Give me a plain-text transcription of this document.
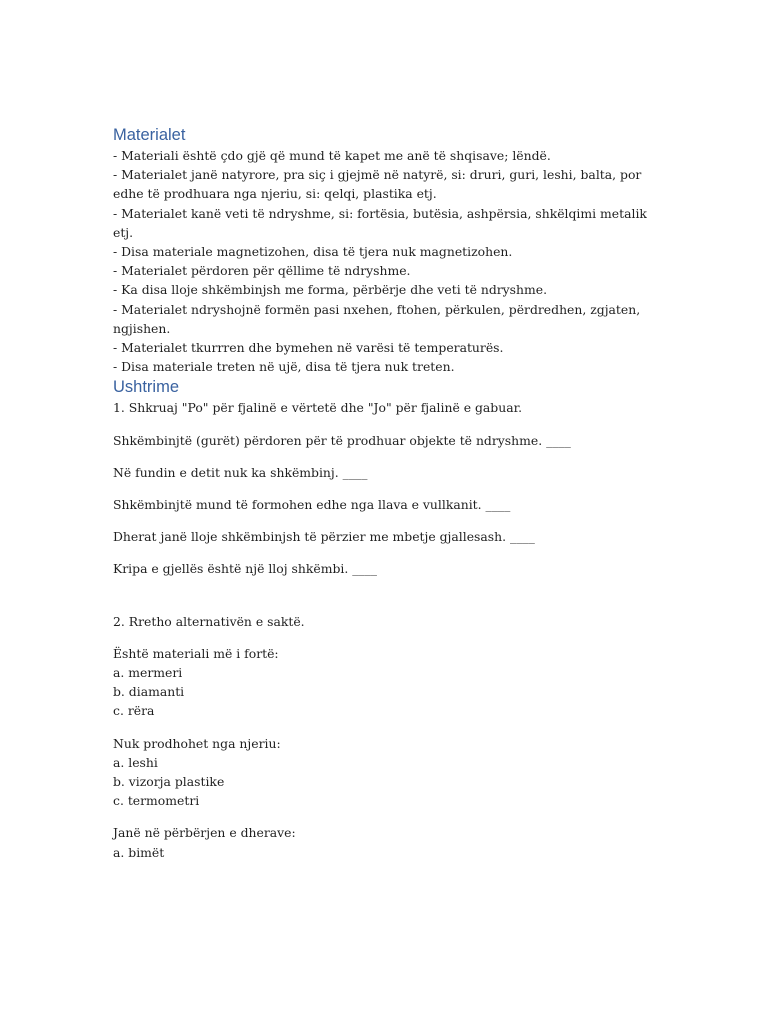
Materialet

- Materiali është çdo gjë që mund të kapet me anë të shqisave; lëndë.

- Materialet janë natyrore, pra siç i gjejmë në natyrë, si: druri, guri, leshi, balta, por edhe të prodhuara nga njeriu, si: qelqi, plastika etj.

- Materialet kanë veti të ndryshme, si: fortësia, butësia, ashpërsia, shkëlqimi metalik etj.

- Disa materiale magnetizohen, disa të tjera nuk magnetizohen.

- Materialet përdoren për qëllime të ndryshme.

- Ka disa lloje shkëmbinjsh me forma, përbërje dhe veti të ndryshme.

- Materialet ndryshojnë formën pasi nxehen, ftohen, përkulen, përdredhen, zgjaten, ngjishen.

- Materialet tkurrren dhe bymehen në varësi të temperaturës.

- Disa materiale treten në ujë, disa të tjera nuk treten.

Ushtrime

1. Shkruaj "Po" për fjalinë e vërtetë dhe "Jo" për fjalinë e gabuar.

Shkëmbinjtë (gurët) përdoren për të prodhuar objekte të ndryshme. ____

Në fundin e detit nuk ka shkëmbinj. ____

Shkëmbinjtë mund të formohen edhe nga llava e vullkanit. ____

Dherat janë lloje shkëmbinjsh të përzier me mbetje gjallesash. ____

Kripa e gjellës është një lloj shkëmbi. ____

2. Rretho alternativën e saktë.

Është materiali më i fortë:

a. mermeri

b. diamanti

c. rëra

Nuk prodhohet nga njeriu:

a. leshi

b. vizorja plastike

c. termometri

Janë në përbërjen e dherave:

a. bimët
